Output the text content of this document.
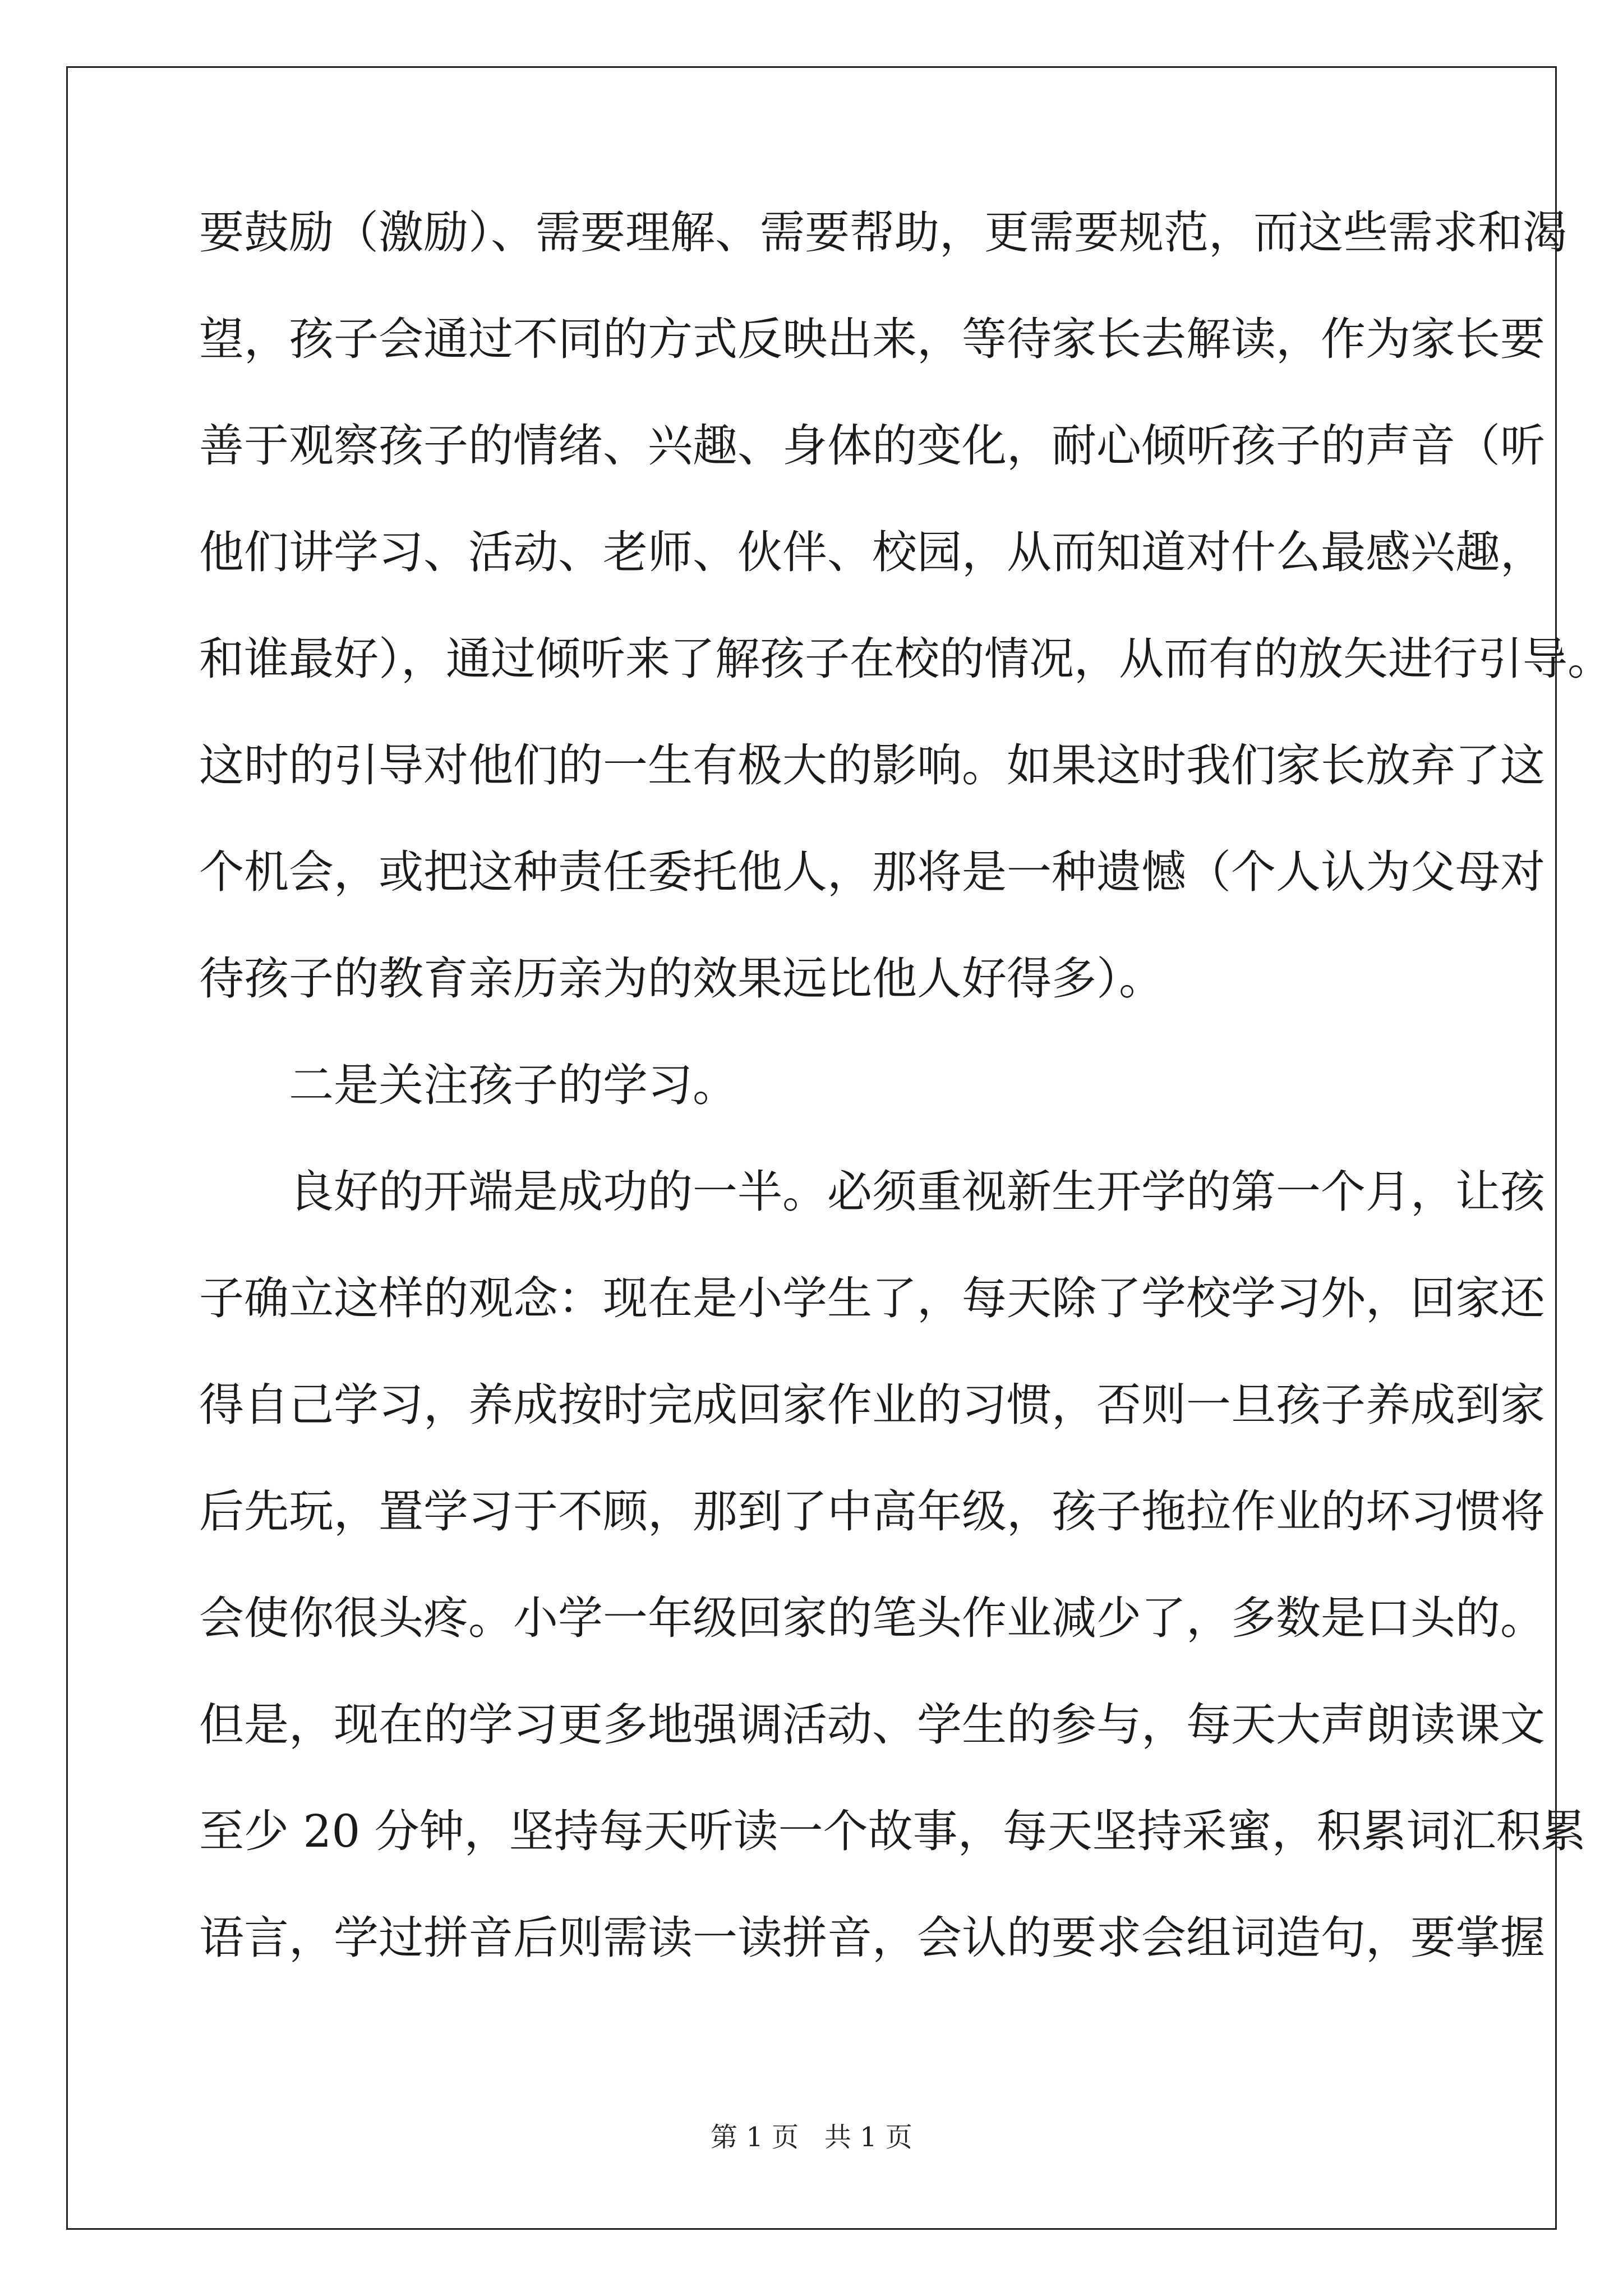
要鼓励（激励）、需要理解、需要帮助，更需要规范，而这些需求和渴
望，孩子会通过不同的方式反映出来，等待家长去解读，作为家长要
善于观察孩子的情绪、兴趣、身体的变化，耐心倾听孩子的声音（听
他们讲学习、活动、老师、伙伴、校园，从而知道对什么最感兴趣，
和谁最好），通过倾听来了解孩子在校的情况，从而有的放矢进行引导。
这时的引导对他们的一生有极大的影响。如果这时我们家长放弃了这
个机会，或把这种责任委托他人，那将是一种遗憾（个人认为父母对
待孩子的教育亲历亲为的效果远比他人好得多）。
二是关注孩子的学习。
良好的开端是成功的一半。必须重视新生开学的第一个月，让孩
子确立这样的观念：现在是小学生了，每天除了学校学习外，回家还
得自己学习，养成按时完成回家作业的习惯，否则一旦孩子养成到家
后先玩，置学习于不顾，那到了中高年级，孩子拖拉作业的坏习惯将
会使你很头疼。小学一年级回家的笔头作业减少了，多数是口头的。
但是，现在的学习更多地强调活动、学生的参与，每天大声朗读课文
至少 20 分钟，坚持每天听读一个故事，每天坚持采蜜，积累词汇积累
语言，学过拼音后则需读一读拼音，会认的要求会组词造句，要掌握
第 1 页   共 1 页
